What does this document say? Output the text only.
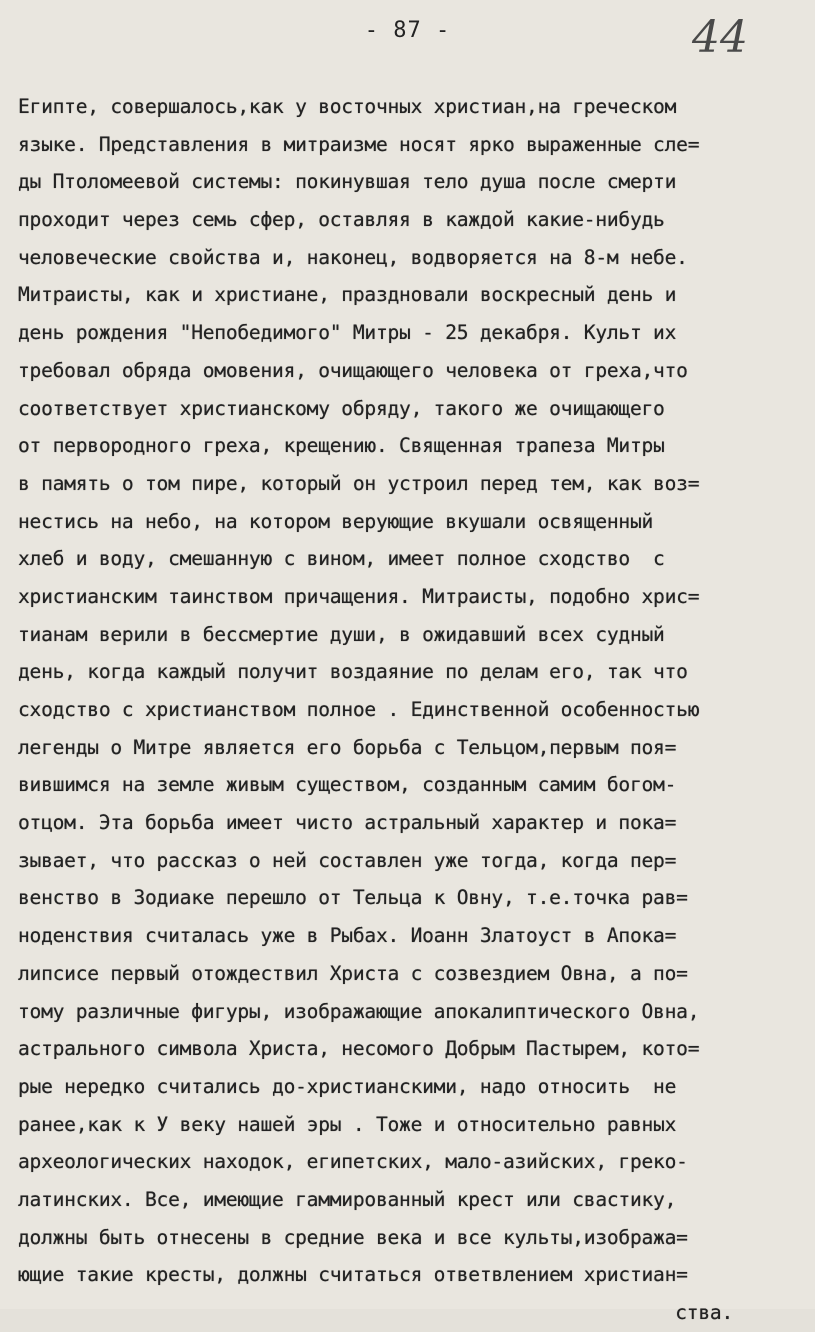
- 87 -	44
Египте, совершалось,как у восточных христиан,на греческом
языке. Представления в митраизме носят ярко выраженные сле=
ды Птоломеевой системы: покинувшая тело душа после смерти
проходит через семь сфер, оставляя в каждой какие-нибудь
человеческие свойства и, наконец, водворяется на 8-м небе.
Митраисты, как и христиане, праздновали воскресный день и
день рождения "Непобедимого" Митры - 25 декабря. Культ их
требовал обряда омовения, очищающего человека от греха,что
соответствует христианскому обряду, такого же очищающего
от первородного греха, крещению. Священная трапеза Митры
в память о том пире, который он устроил перед тем, как воз=
нестись на небо, на котором верующие вкушали освященный
хлеб и воду, смешанную с вином, имеет полное сходство  с
христианским таинством причащения. Митраисты, подобно хрис=
тианам верили в бессмертие души, в ожидавший всех судный
день, когда каждый получит воздаяние по делам его, так что
сходство с христианством полное . Единственной особенностью
легенды о Митре является его борьба с Тельцом,первым поя=
вившимся на земле живым существом, созданным самим богом-
отцом. Эта борьба имеет чисто астральный характер и пока=
зывает, что рассказ о ней составлен уже тогда, когда пер=
венство в Зодиаке перешло от Тельца к Овну, т.е.точка рав=
ноденствия считалась уже в Рыбах. Иоанн Златоуст в Апока=
липсисе первый отождествил Христа с созвездием Овна, а по=
тому различные фигуры, изображающие апокалиптического Овна,
астрального символа Христа, несомого Добрым Пастырем, кото=
рые нередко считались до-христианскими, надо относить  не
ранее,как к У веку нашей эры . Тоже и относительно равных
археологических находок, египетских, мало-азийских, греко-
латинских. Все, имеющие гаммированный крест или свастику,
должны быть отнесены в средние века и все культы,изобража=
ющие такие кресты, должны считаться ответвлением христиан=
ства.
